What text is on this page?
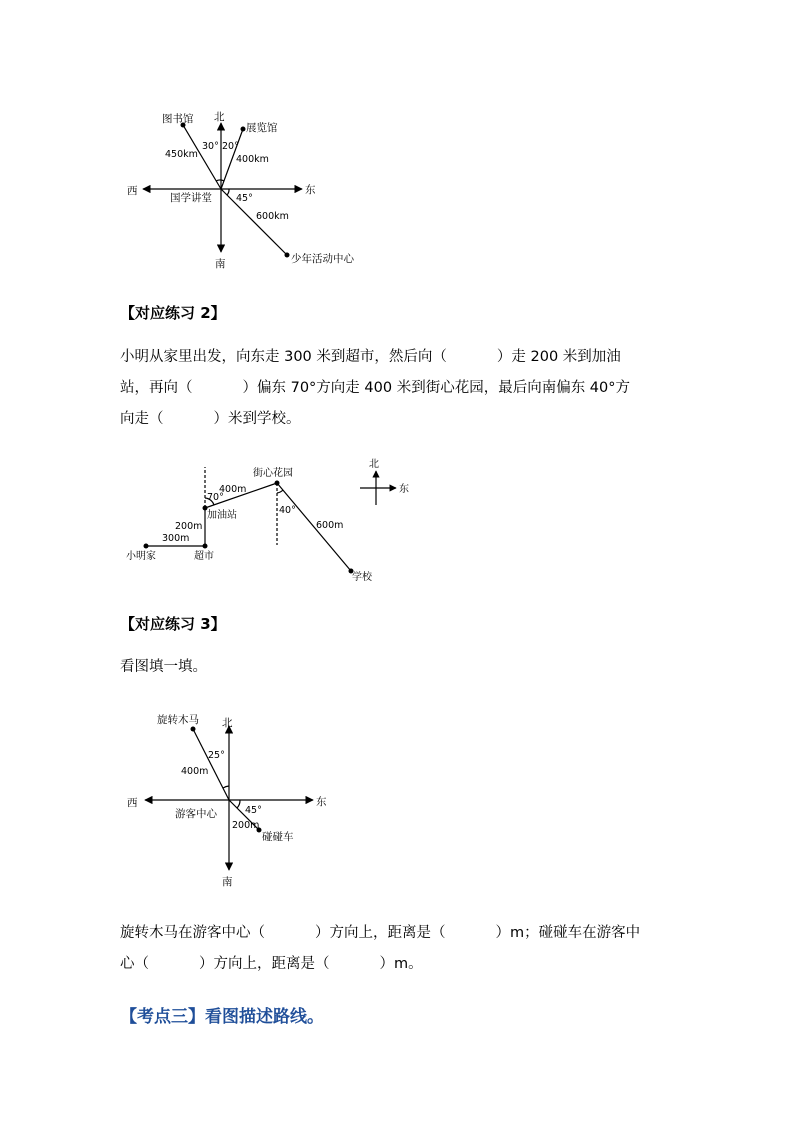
北
南
东
西
国学讲堂
图书馆
450km
30°
展览馆
400km
20°
少年活动中心
600km
45°
【对应练习 2】
小明从家里出发，向东走 300 米到超市，然后向（	）走 200 米到加油
站，再向（	）偏东 70°方向走 400 米到街心花园，最后向南偏东 40°方
向走（	）米到学校。
小明家	超市
加油站
街心花园
学校
300m
200m
400m
600m
70°
40°
北
东
【对应练习 3】
看图填一填。
北
南
东
西
游客中心
旋转木马
400m
25°
碰碰车
200m
45°
旋转木马在游客中心（	）方向上，距离是（	）m；碰碰车在游客中
心（	）方向上，距离是（	）m。
【考点三】看图描述路线。
